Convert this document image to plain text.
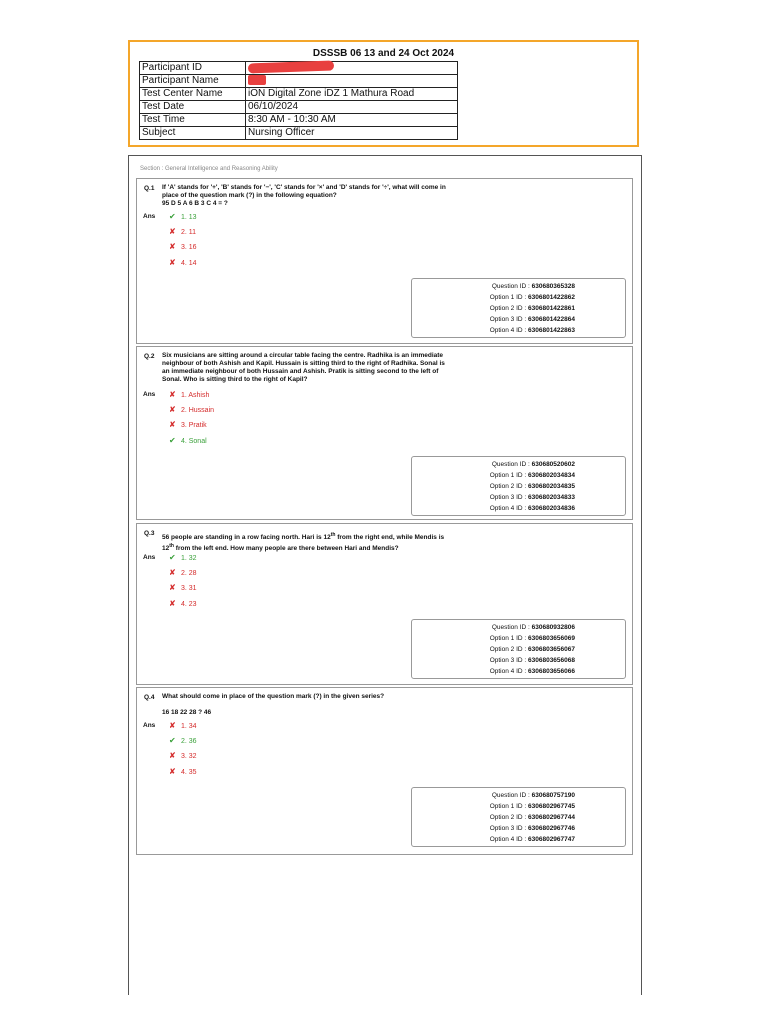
DSSSB 06 13 and 24 Oct 2024
Participant ID	
Participant Name	
Test Center Name	iON Digital Zone iDZ 1 Mathura Road
Test Date	06/10/2024
Test Time	8:30 AM - 10:30 AM
Subject	Nursing Officer
Section : General Intelligence and Reasoning Ability
Q.1 If 'A' stands for '+', 'B' stands for '−', 'C' stands for '×' and 'D' stands for '÷', what will come in
place of the question mark (?) in the following equation?
95 D 5 A 6 B 3 C 4 = ?
Ans ✔ 1. 13
✘ 2. 11
✘ 3. 16
✘ 4. 14
Question ID : 630680365328
Option 1 ID : 6306801422862
Option 2 ID : 6306801422861
Option 3 ID : 6306801422864
Option 4 ID : 6306801422863
Q.2 Six musicians are sitting around a circular table facing the centre. Radhika is an immediate
neighbour of both Ashish and Kapil. Hussain is sitting third to the right of Radhika. Sonal is
an immediate neighbour of both Hussain and Ashish. Pratik is sitting second to the left of
Sonal. Who is sitting third to the right of Kapil?
Ans ✘ 1. Ashish
✘ 2. Hussain
✘ 3. Pratik
✔ 4. Sonal
Question ID : 630680520602
Option 1 ID : 6306802034834
Option 2 ID : 6306802034835
Option 3 ID : 6306802034833
Option 4 ID : 6306802034836
Q.3
56 people are standing in a row facing north. Hari is 12th from the right end, while Mendis is
12th from the left end. How many people are there between Hari and Mendis?
Ans ✔ 1. 32
✘ 2. 28
✘ 3. 31
✘ 4. 23
Question ID : 630680932806
Option 1 ID : 6306803656069
Option 2 ID : 6306803656067
Option 3 ID : 6306803656068
Option 4 ID : 6306803656066
Q.4 What should come in place of the question mark (?) in the given series?
16 18 22 28 ? 46
Ans ✘ 1. 34
✔ 2. 36
✘ 3. 32
✘ 4. 35
Question ID : 630680757190
Option 1 ID : 6306802967745
Option 2 ID : 6306802967744
Option 3 ID : 6306802967746
Option 4 ID : 6306802967747
